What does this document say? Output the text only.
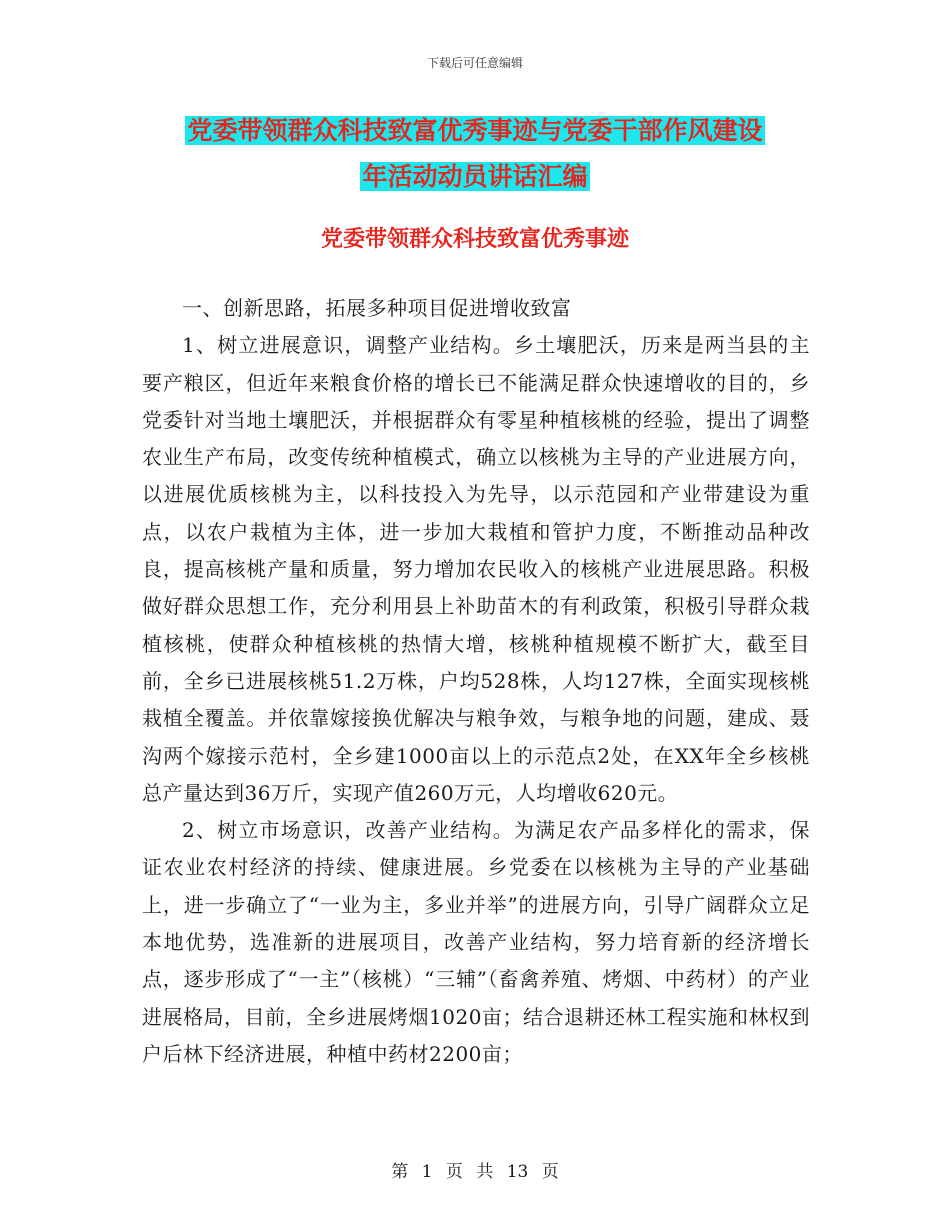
下载后可任意编辑
党委带领群众科技致富优秀事迹与党委干部作风建设
年活动动员讲话汇编
党委带领群众科技致富优秀事迹

一、创新思路，拓展多种项目促进增收致富

1、树立进展意识，调整产业结构。乡土壤肥沃，历来是两当县的主要产粮区，但近年来粮食价格的增长已不能满足群众快速增收的目的，乡党委针对当地土壤肥沃，并根据群众有零星种植核桃的经验，提出了调整农业生产布局，改变传统种植模式，确立以核桃为主导的产业进展方向，以进展优质核桃为主，以科技投入为先导，以示范园和产业带建设为重点，以农户栽植为主体，进一步加大栽植和管护力度，不断推动品种改良，提高核桃产量和质量，努力增加农民收入的核桃产业进展思路。积极做好群众思想工作，充分利用县上补助苗木的有利政策，积极引导群众栽植核桃，使群众种植核桃的热情大增，核桃种植规模不断扩大，截至目前，全乡已进展核桃51.2万株，户均528株，人均127株，全面实现核桃栽植全覆盖。并依靠嫁接换优解决与粮争效，与粮争地的问题，建成、聂沟两个嫁接示范村，全乡建1000亩以上的示范点2处，在XX年全乡核桃总产量达到36万斤，实现产值260万元，人均增收620元。

2、树立市场意识，改善产业结构。为满足农产品多样化的需求，保证农业农村经济的持续、健康进展。乡党委在以核桃为主导的产业基础上，进一步确立了“一业为主，多业并举”的进展方向，引导广阔群众立足本地优势，选准新的进展项目，改善产业结构，努力培育新的经济增长点，逐步形成了“一主”（核桃）“三辅”（畜禽养殖、烤烟、中药材）的产业进展格局，目前，全乡进展烤烟1020亩；结合退耕还林工程实施和林权到户后林下经济进展，种植中药材2200亩；

第 1 页 共 13 页
